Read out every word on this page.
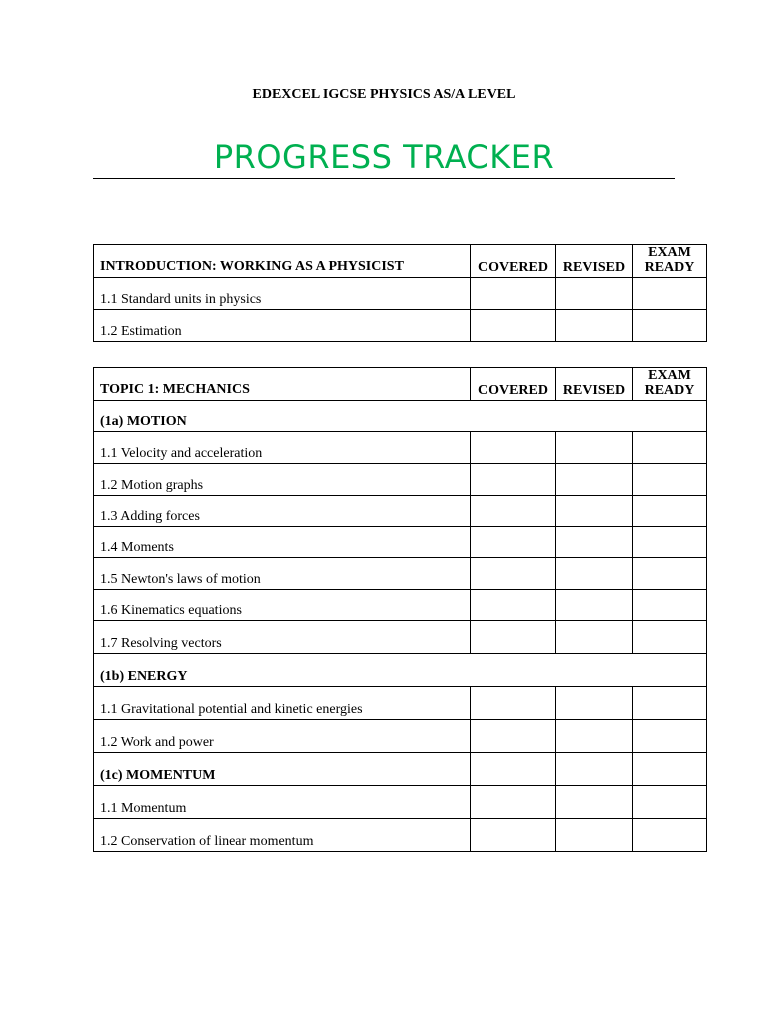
EDEXCEL IGCSE PHYSICS AS/A LEVEL
PROGRESS TRACKER
INTRODUCTION: WORKING AS A PHYSICIST	COVERED	REVISED	EXAM READY
1.1 Standard units in physics			
1.2 Estimation			
TOPIC 1: MECHANICS	COVERED	REVISED	EXAM READY
(1a) MOTION			
1.1 Velocity and acceleration			
1.2 Motion graphs			
1.3 Adding forces			
1.4 Moments			
1.5 Newton's laws of motion			
1.6 Kinematics equations			
1.7 Resolving vectors			
(1b) ENERGY			
1.1 Gravitational potential and kinetic energies			
1.2 Work and power			
(1c) MOMENTUM			
1.1 Momentum			
1.2 Conservation of linear momentum			
